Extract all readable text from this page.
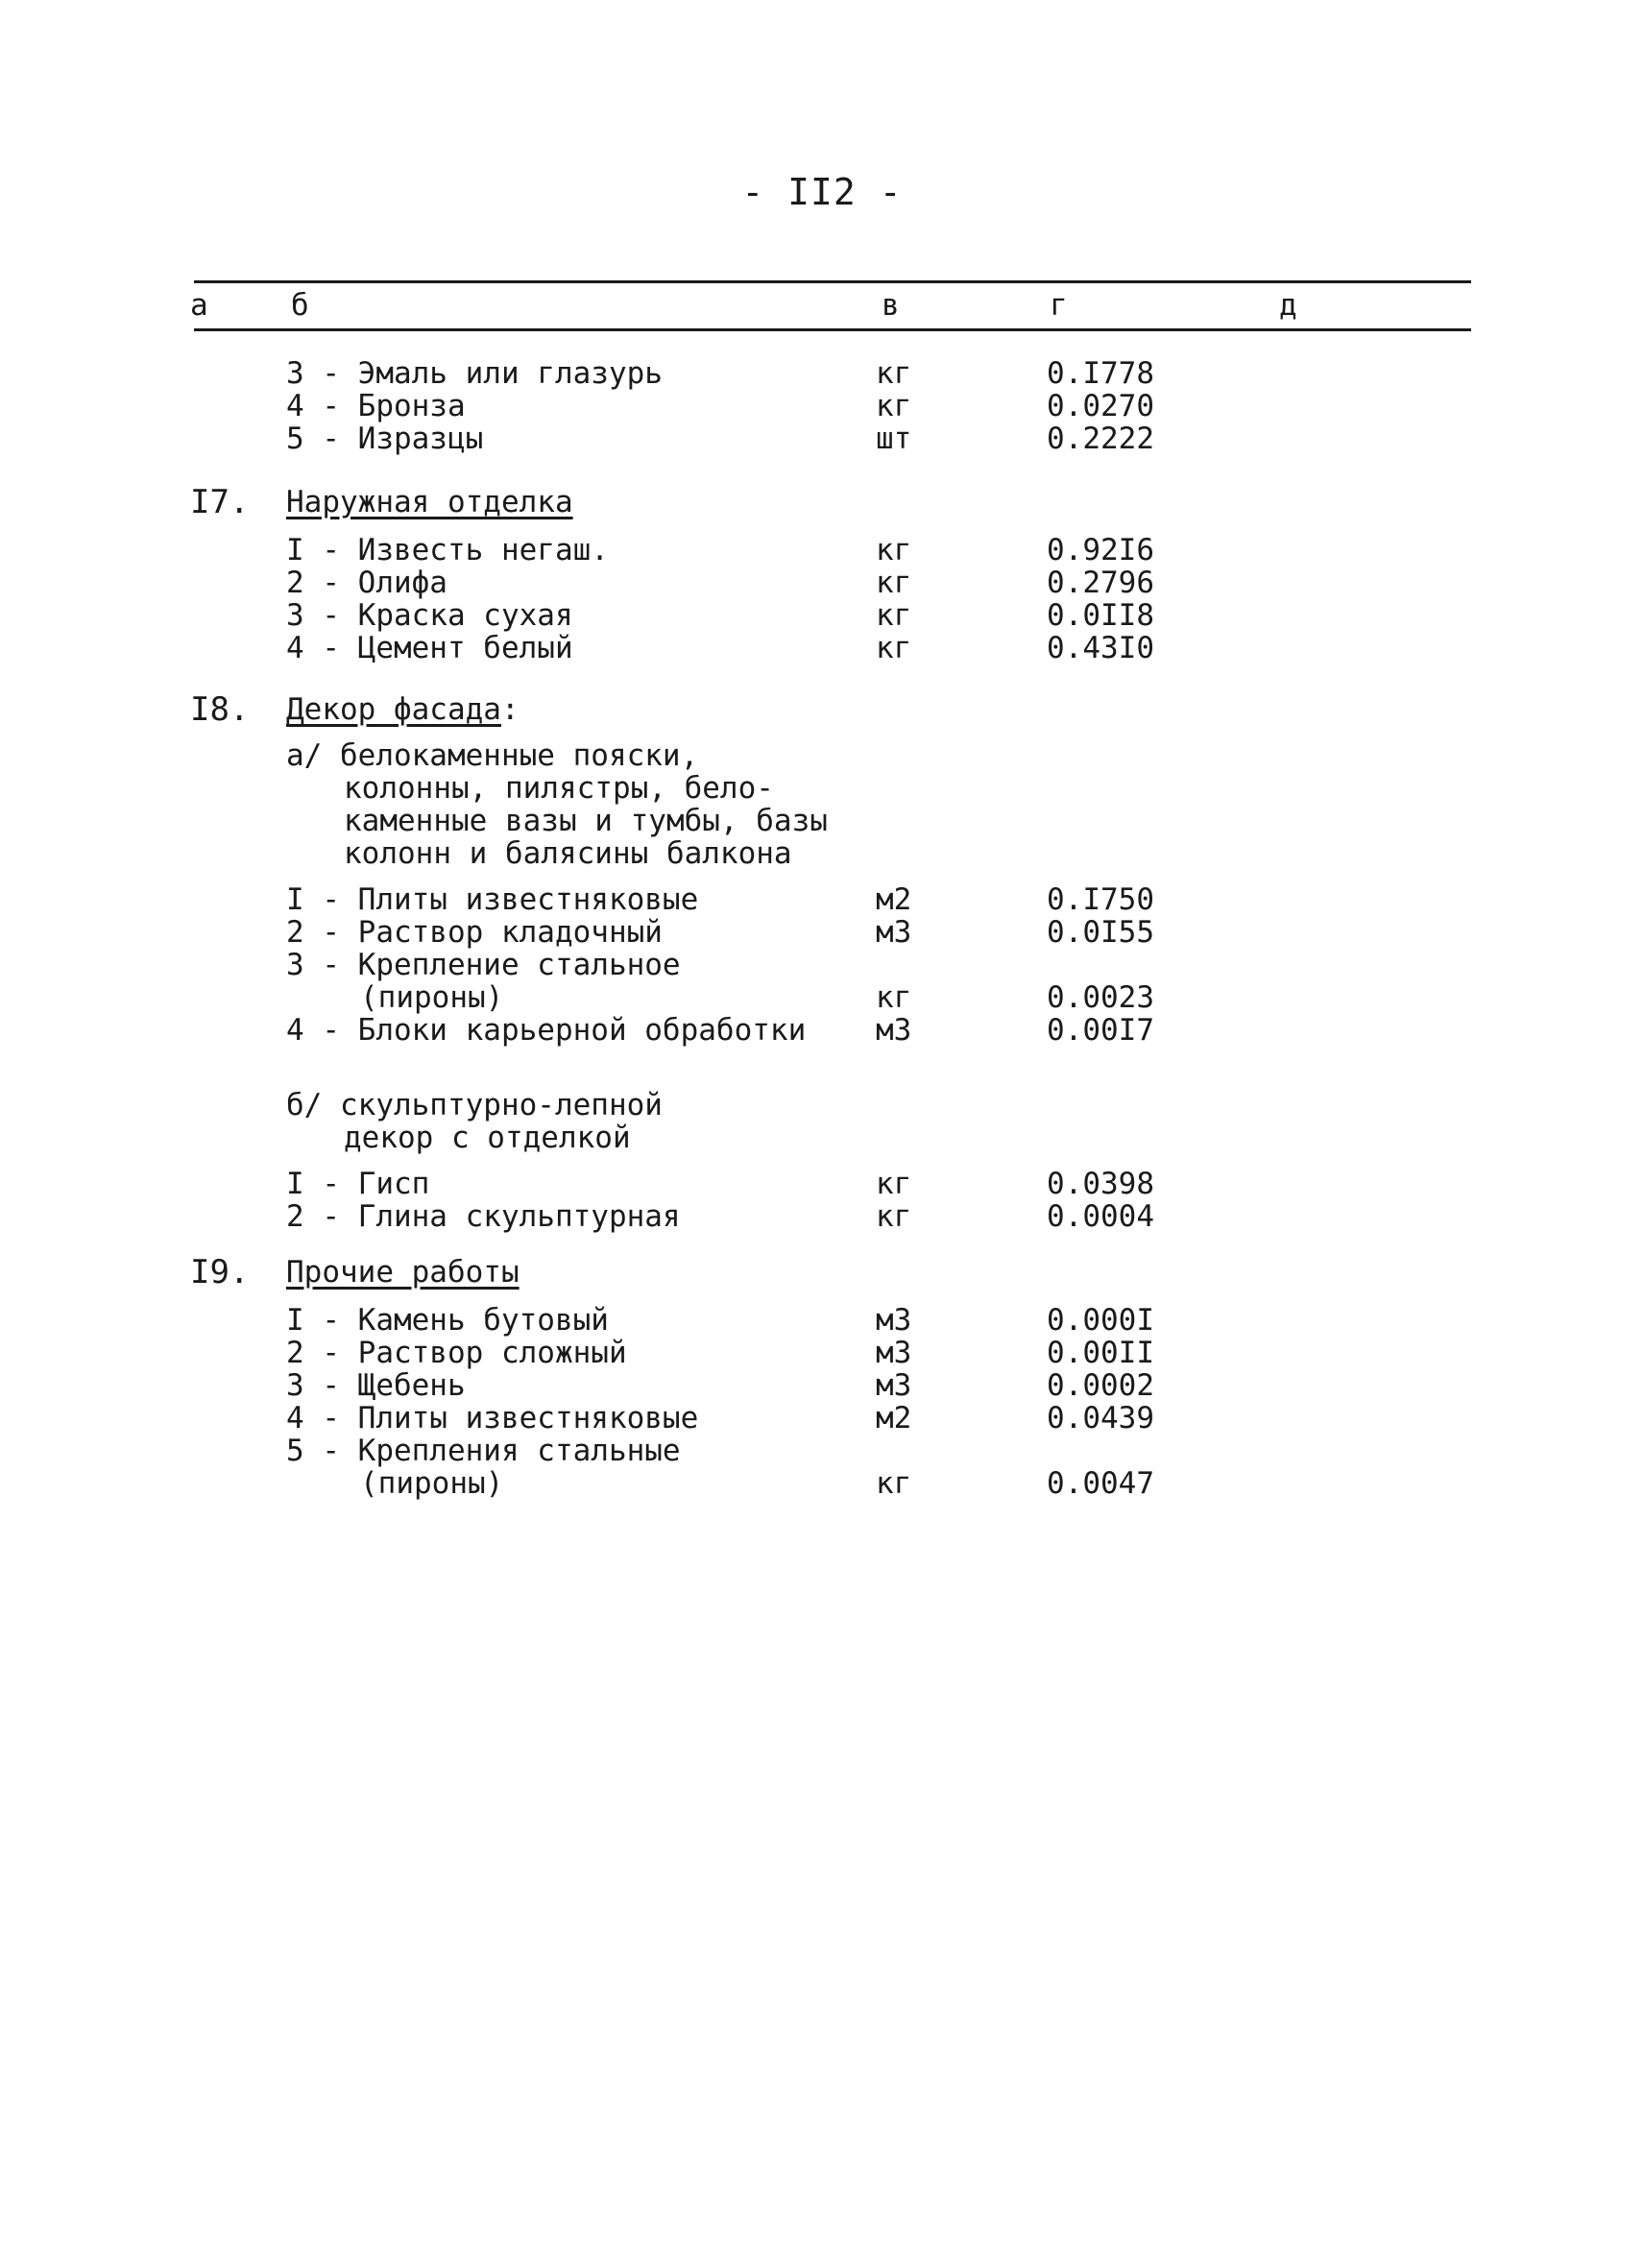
- II2 -
а	б	в	г	д
3 - Эмаль или глазурь	кг	0.I778
4 - Бронза	кг	0.0270
5 - Изразцы	шт	0.2222
I7. Наружная отделка
I - Известь негаш.	кг	0.92I6
2 - Олифа	кг	0.2796
3 - Краска сухая	кг	0.0II8
4 - Цемент белый	кг	0.43I0
I8. Декор фасада:
а/ белокаменные пояски,
колонны, пилястры, бело-
каменные вазы и тумбы, базы
колонн и балясины балкона
I - Плиты известняковые	м2	0.I750
2 - Раствор кладочный	м3	0.0I55
3 - Крепление стальное
(пироны)	кг	0.0023
4 - Блоки карьерной обработки м3	0.00I7
б/ скульптурно-лепной
декор с отделкой
I - Гисп	кг	0.0398
2 - Глина скульптурная	кг	0.0004
I9. Прочие работы
I - Камень бутовый	м3	0.000I
2 - Раствор сложный	м3	0.00II
3 - Щебень	м3	0.0002
4 - Плиты известняковые	м2	0.0439
5 - Крепления стальные
(пироны)	кг	0.0047
